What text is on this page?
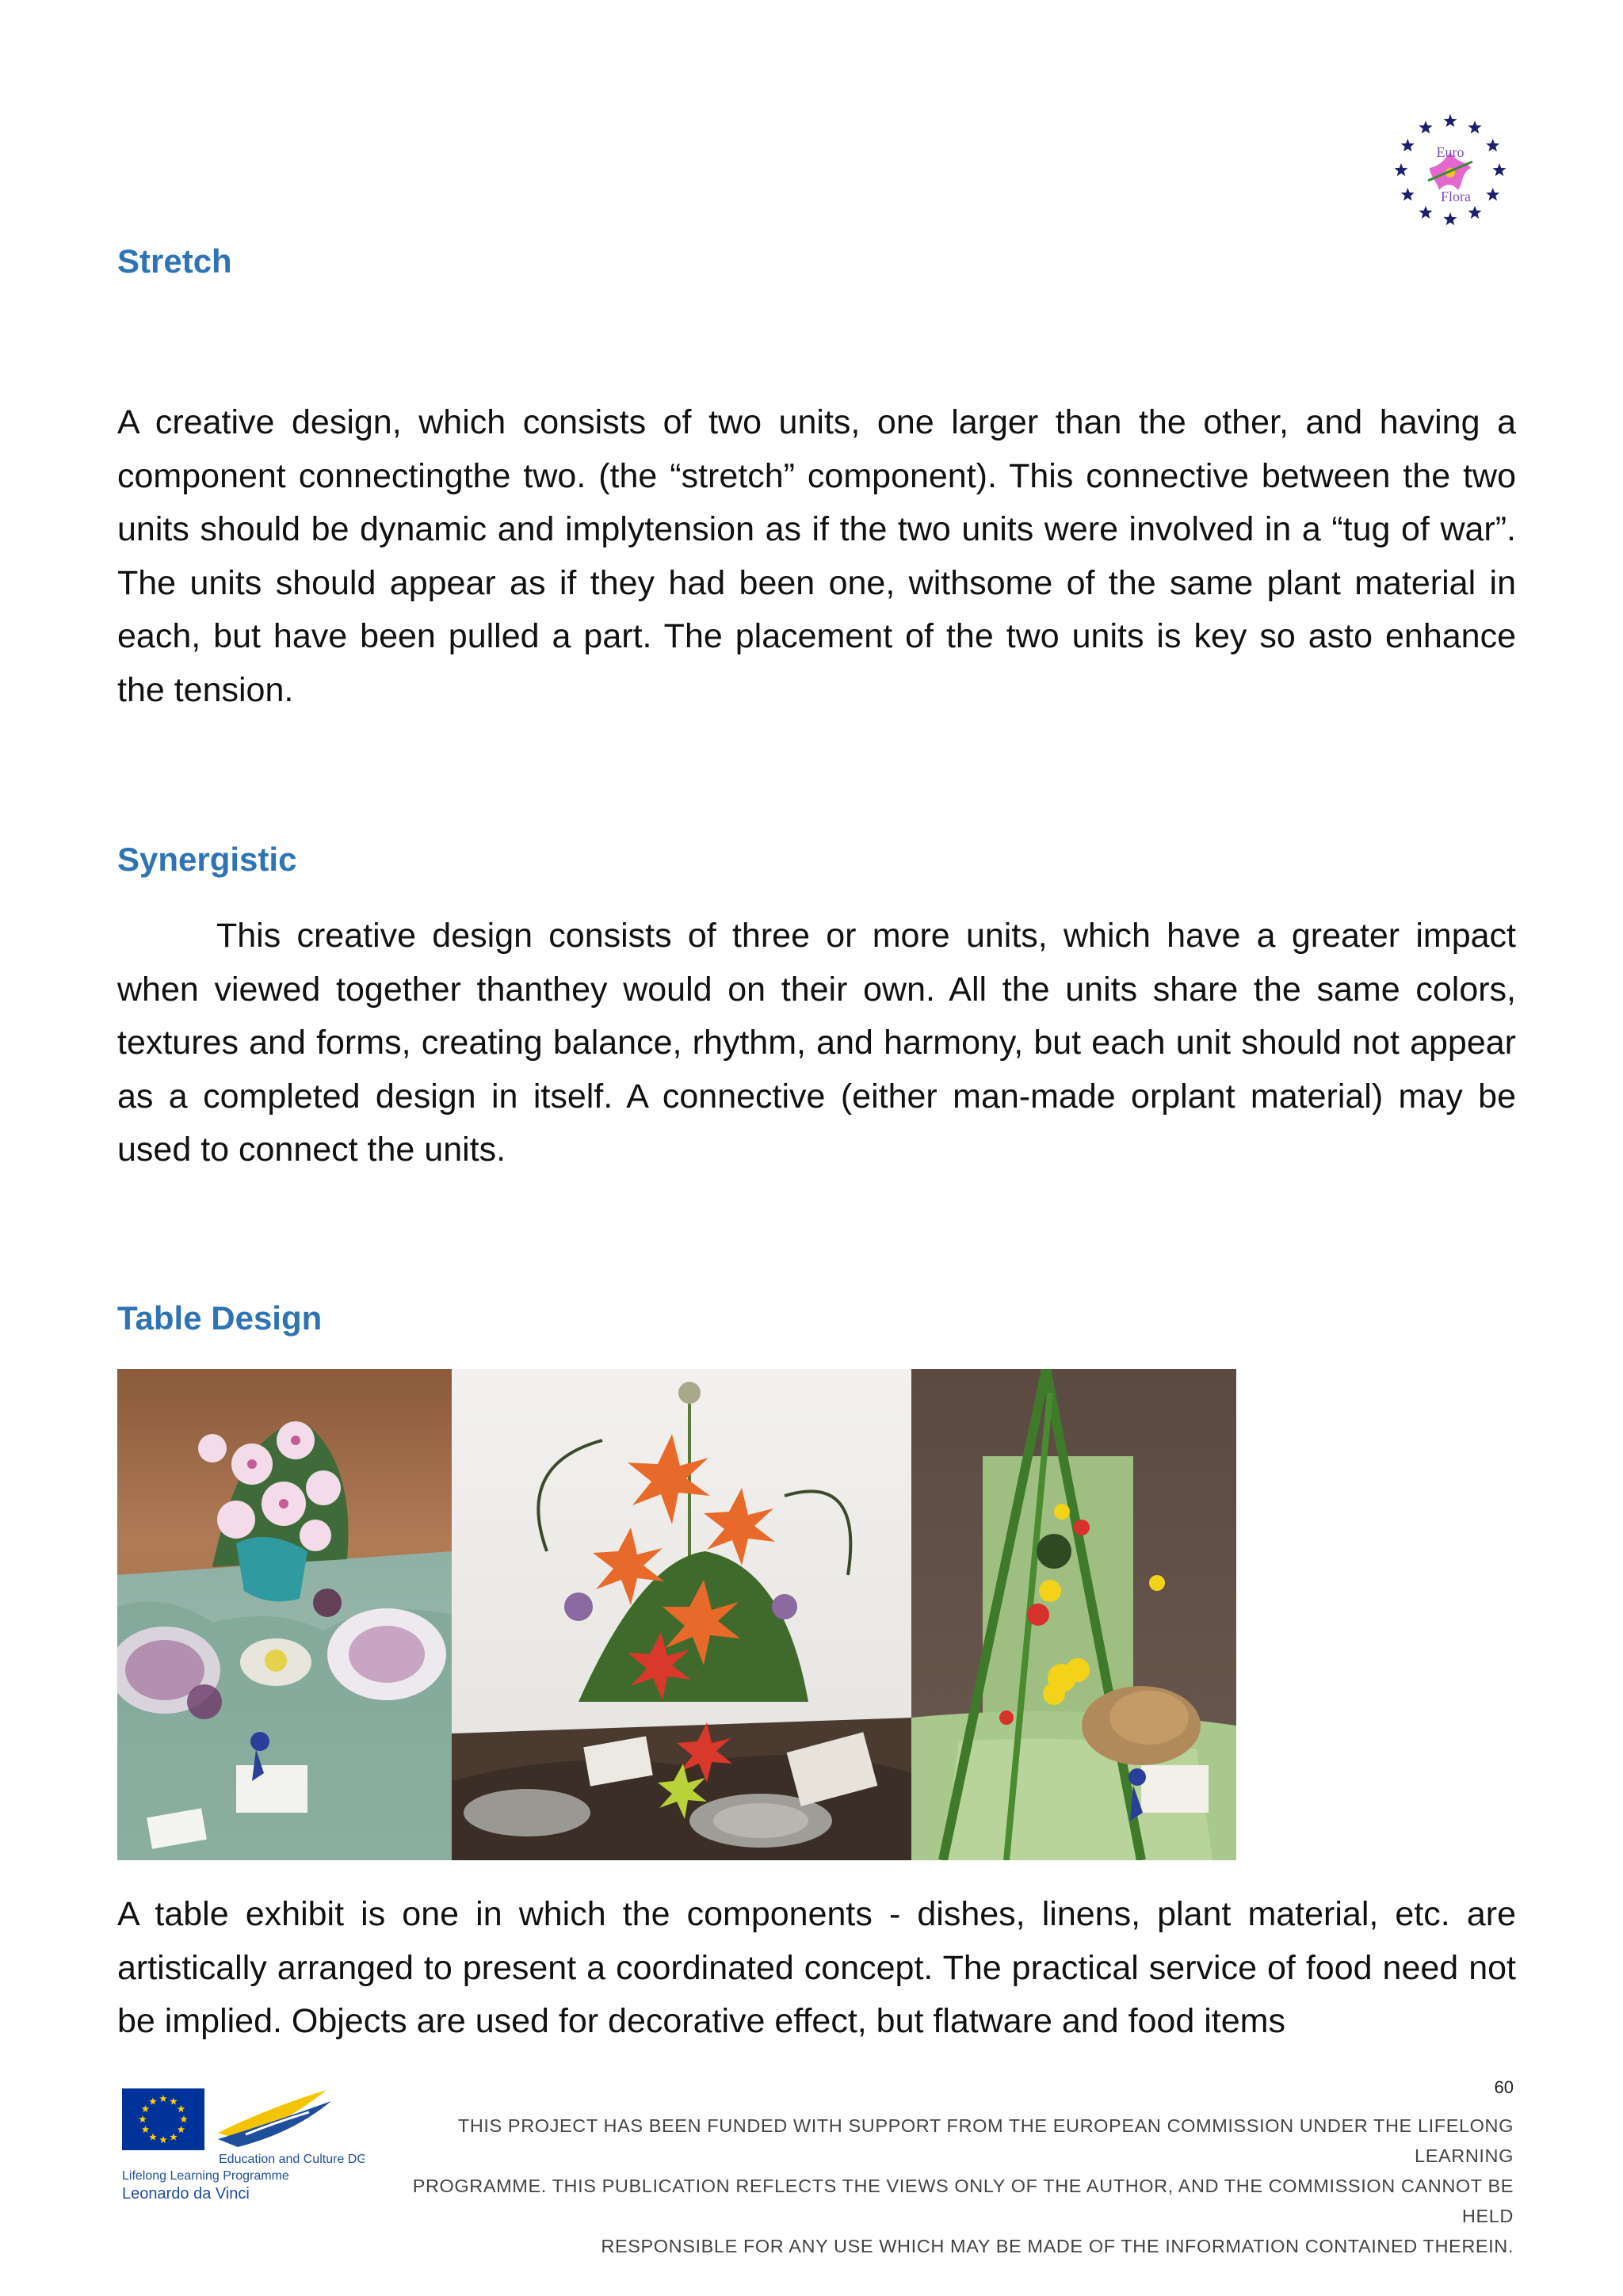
Euro
Flora
Stretch

A creative design, which consists of two units, one larger than the other, and having a component connectingthe two. (the “stretch” component). This connective between the two units should be dynamic and implytension as if the two units were involved in a “tug of war”. The units should appear as if they had been one, withsome of the same plant material in each, but have been pulled a part. The placement of the two units is key so asto enhance the tension.

Synergistic

This creative design consists of three or more units, which have a greater impact when viewed together thanthey would on their own. All the units share the same colors, textures and forms, creating balance, rhythm, and harmony, but each unit should not appear as a completed design in itself. A connective (either man-made orplant material) may be used to connect the units.

Table Design

A table exhibit is one in which the components - dishes, linens, plant material, etc. are artistically arranged to present a coordinated concept. The practical service of food need not be implied. Objects are used for decorative effect, but flatware and food items

60
Education and Culture DG
Lifelong Learning Programme
Leonardo da Vinci
THIS PROJECT HAS BEEN FUNDED WITH SUPPORT FROM THE EUROPEAN COMMISSION UNDER THE LIFELONG LEARNING
PROGRAMME. THIS PUBLICATION REFLECTS THE VIEWS ONLY OF THE AUTHOR, AND THE COMMISSION CANNOT BE HELD
RESPONSIBLE FOR ANY USE WHICH MAY BE MADE OF THE INFORMATION CONTAINED THEREIN.
